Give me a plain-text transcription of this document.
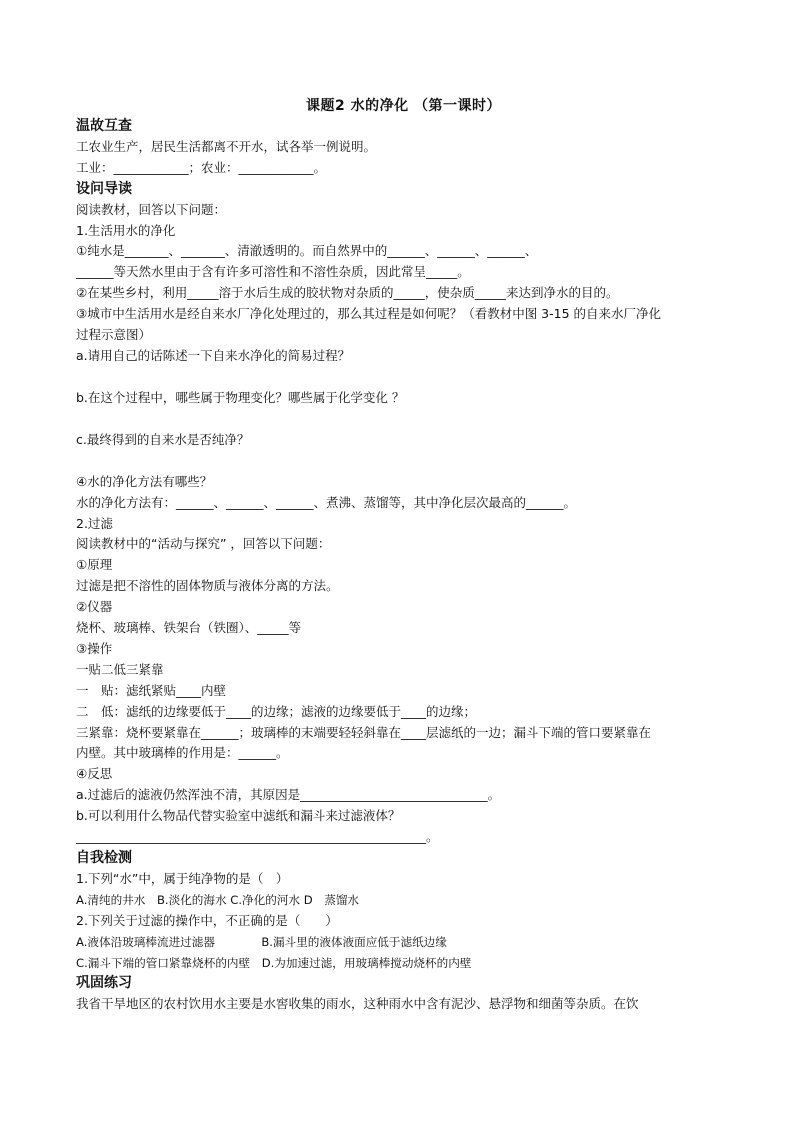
课题2 水的净化 （第一课时）
温故互查
工农业生产，居民生活都离不开水，试各举一例说明。
工业：____________；农业：____________。
设问导读
阅读教材，回答以下问题：
1.生活用水的净化
①纯水是_______、_______、清澈透明的。而自然界中的______、______、______、
______等天然水里由于含有许多可溶性和不溶性杂质，因此常呈_____。
②在某些乡村，利用_____溶于水后生成的胶状物对杂质的_____，使杂质_____来达到净水的目的。
③城市中生活用水是经自来水厂净化处理过的，那么其过程是如何呢？（看教材中图 3-15 的自来水厂净化
过程示意图）
a.请用自己的话陈述一下自来水净化的简易过程？
b.在这个过程中，哪些属于物理变化？哪些属于化学变化 ？
c.最终得到的自来水是否纯净？
④水的净化方法有哪些？
水的净化方法有：______、______、______、煮沸、蒸馏等，其中净化层次最高的______。
2.过滤
阅读教材中的“活动与探究” ，回答以下问题：
①原理
过滤是把不溶性的固体物质与液体分离的方法。
②仪器
烧杯、玻璃棒、铁架台（铁圈）、_____等
③操作
一贴二低三紧靠
一　贴：滤纸紧贴____内壁
二　低：滤纸的边缘要低于____的边缘；滤液的边缘要低于____的边缘；
三紧靠：烧杯要紧靠在______；玻璃棒的末端要轻轻斜靠在____层滤纸的一边；漏斗下端的管口要紧靠在
内壁。其中玻璃棒的作用是：______。
④反思
a.过滤后的滤液仍然浑浊不清，其原因是______________________________。
b.可以利用什么物品代替实验室中滤纸和漏斗来过滤液体？
________________________________________________________。
自我检测
1.下列“水”中，属于纯净物的是（　）
A.清纯的井水　B.淡化的海水 C.净化的河水 D　蒸馏水
2.下列关于过滤的操作中，不正确的是（　　）
A.液体沿玻璃棒流进过滤器　　　　B.漏斗里的液体液面应低于滤纸边缘
C.漏斗下端的管口紧靠烧杯的内壁　D.为加速过滤，用玻璃棒搅动烧杯的内壁
巩固练习
我省干旱地区的农村饮用水主要是水窖收集的雨水，这种雨水中含有泥沙、悬浮物和细菌等杂质。在饮
